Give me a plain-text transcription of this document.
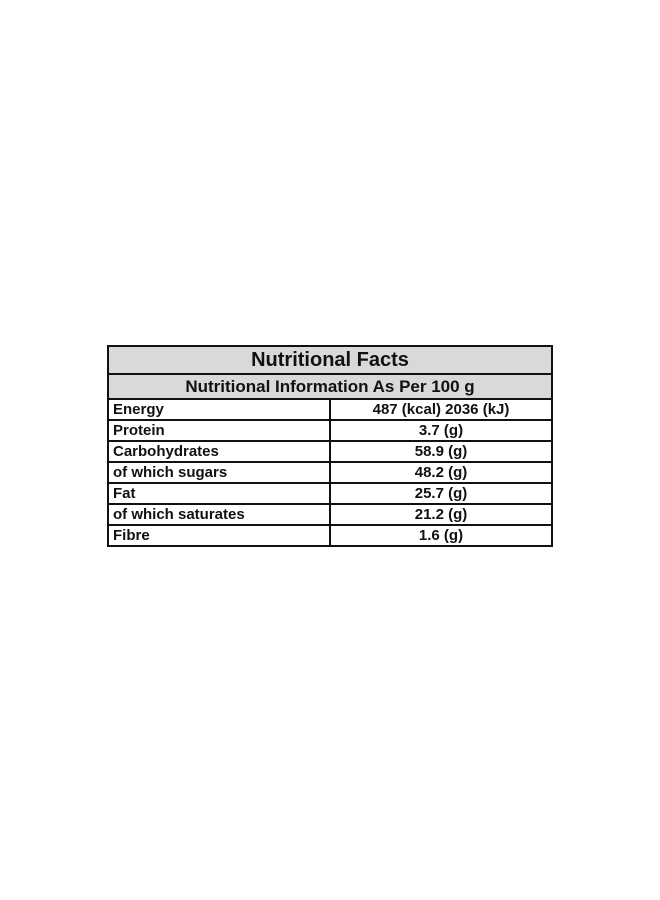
Nutritional Facts	
Nutritional Information As Per 100 g	
Energy	487 (kcal) 2036 (kJ)
Protein	3.7 (g)
Carbohydrates	58.9 (g)
of which sugars	48.2 (g)
Fat	25.7 (g)
of which saturates	21.2 (g)
Fibre	1.6 (g)
